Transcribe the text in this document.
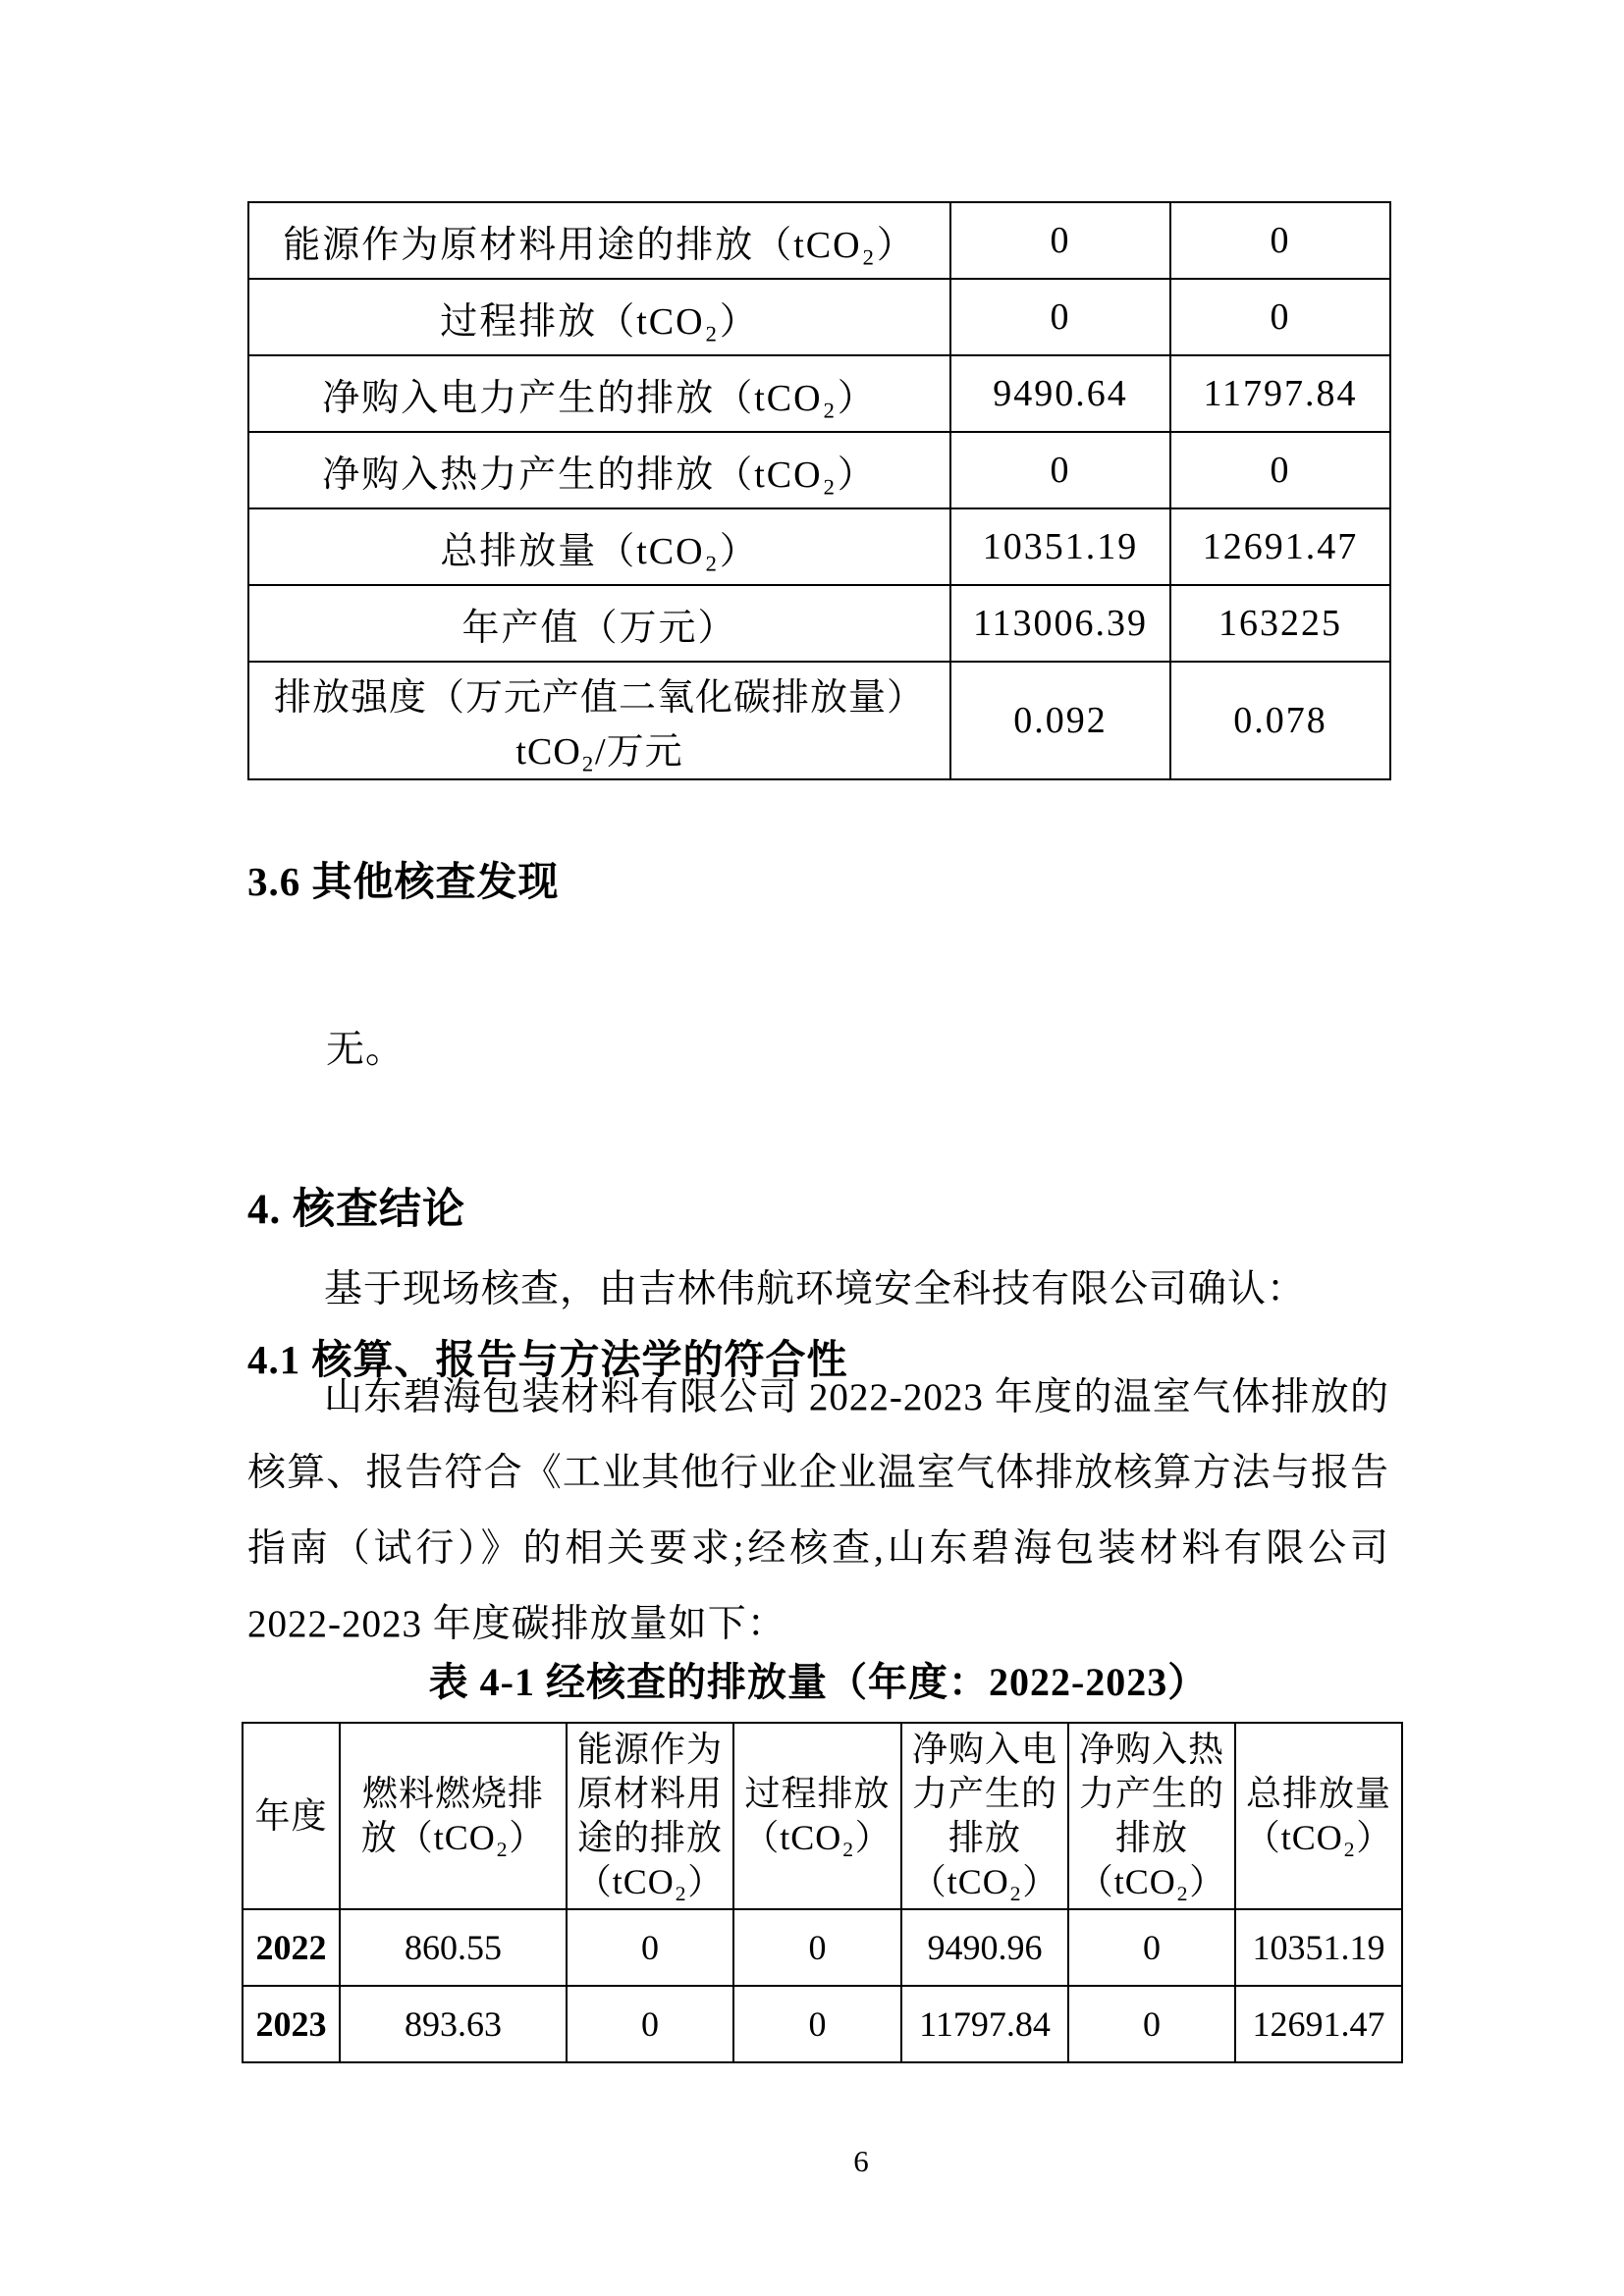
能源作为原材料用途的排放（tCO₂）	0	0
过程排放（tCO₂）	0	0
净购入电力产生的排放（tCO₂）	9490.64	11797.84
净购入热力产生的排放（tCO₂）	0	0
总排放量（tCO₂）	10351.19	12691.47
年产值（万元）	113006.39	163225

排放强度（万元产值二氧化碳排放量）
tCO₂/万元	0.092	0.078
3.6 其他核查发现
无。
4. 核查结论
基于现场核查，由吉林伟航环境安全科技有限公司确认：
4.1 核算、报告与方法学的符合性
山东碧海包装材料有限公司 2022-2023 年度的温室气体排放的核算、报告符合《工业其他行业企业温室气体排放核算方法与报告指南（试行）》的相关要求;经核查,山东碧海包装材料有限公司 2022-2023 年度碳排放量如下：
表 4-1 经核查的排放量（年度：2022-2023）
年度	燃料燃烧排放（tCO₂）	能源作为原材料用途的排放（tCO₂）	过程排放（tCO₂）	净购入电力产生的排放（tCO₂）	净购入热力产生的排放（tCO₂）	总排放量（tCO₂）
2022	860.55	0	0	9490.96	0	10351.19
2023	893.63	0	0	11797.84	0	12691.47
6
